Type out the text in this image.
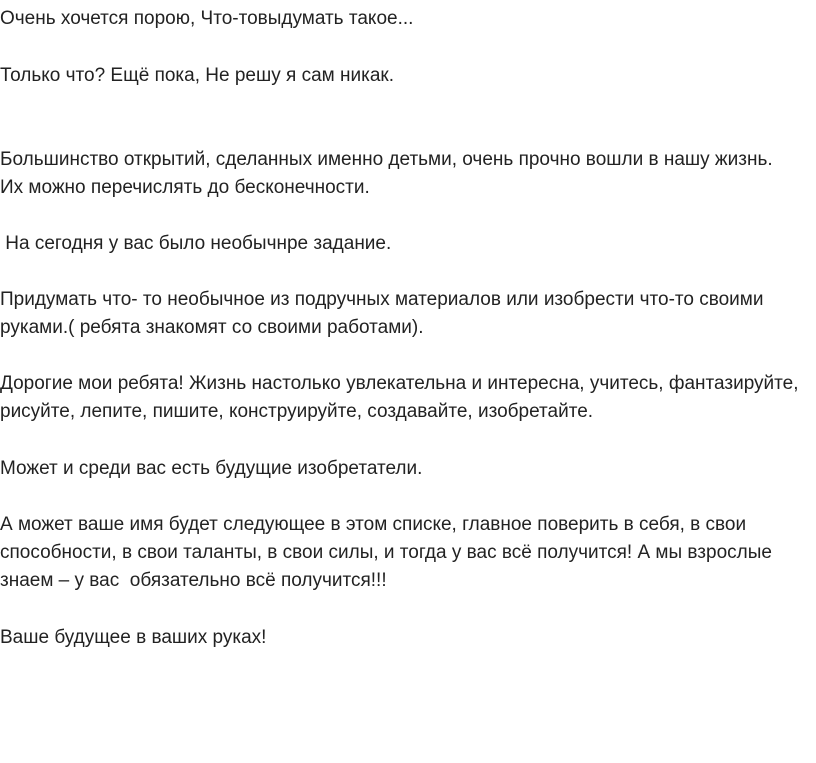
Очень хочется порою, Что-товыдумать такое...

Только что? Ещё пока, Не решу я сам никак.

Большинство открытий, сделанных именно детьми, очень прочно вошли в нашу жизнь. Их можно перечислять до бесконечности.

На сегодня у вас было необычнре задание.

Придумать что- то необычное из подручных материалов или изобрести что-то своими руками.( ребята знакомят со своими работами).

Дорогие мои ребята! Жизнь настолько увлекательна и интересна, учитесь, фантазируйте, рисуйте, лепите, пишите, конструируйте, создавайте, изобретайте.

Может и среди вас есть будущие изобретатели.

А может ваше имя будет следующее в этом списке, главное поверить в себя, в свои способности, в свои таланты, в свои силы, и тогда у вас всё получится! А мы взрослые знаем – у вас  обязательно всё получится!!!

Ваше будущее в ваших руках!
